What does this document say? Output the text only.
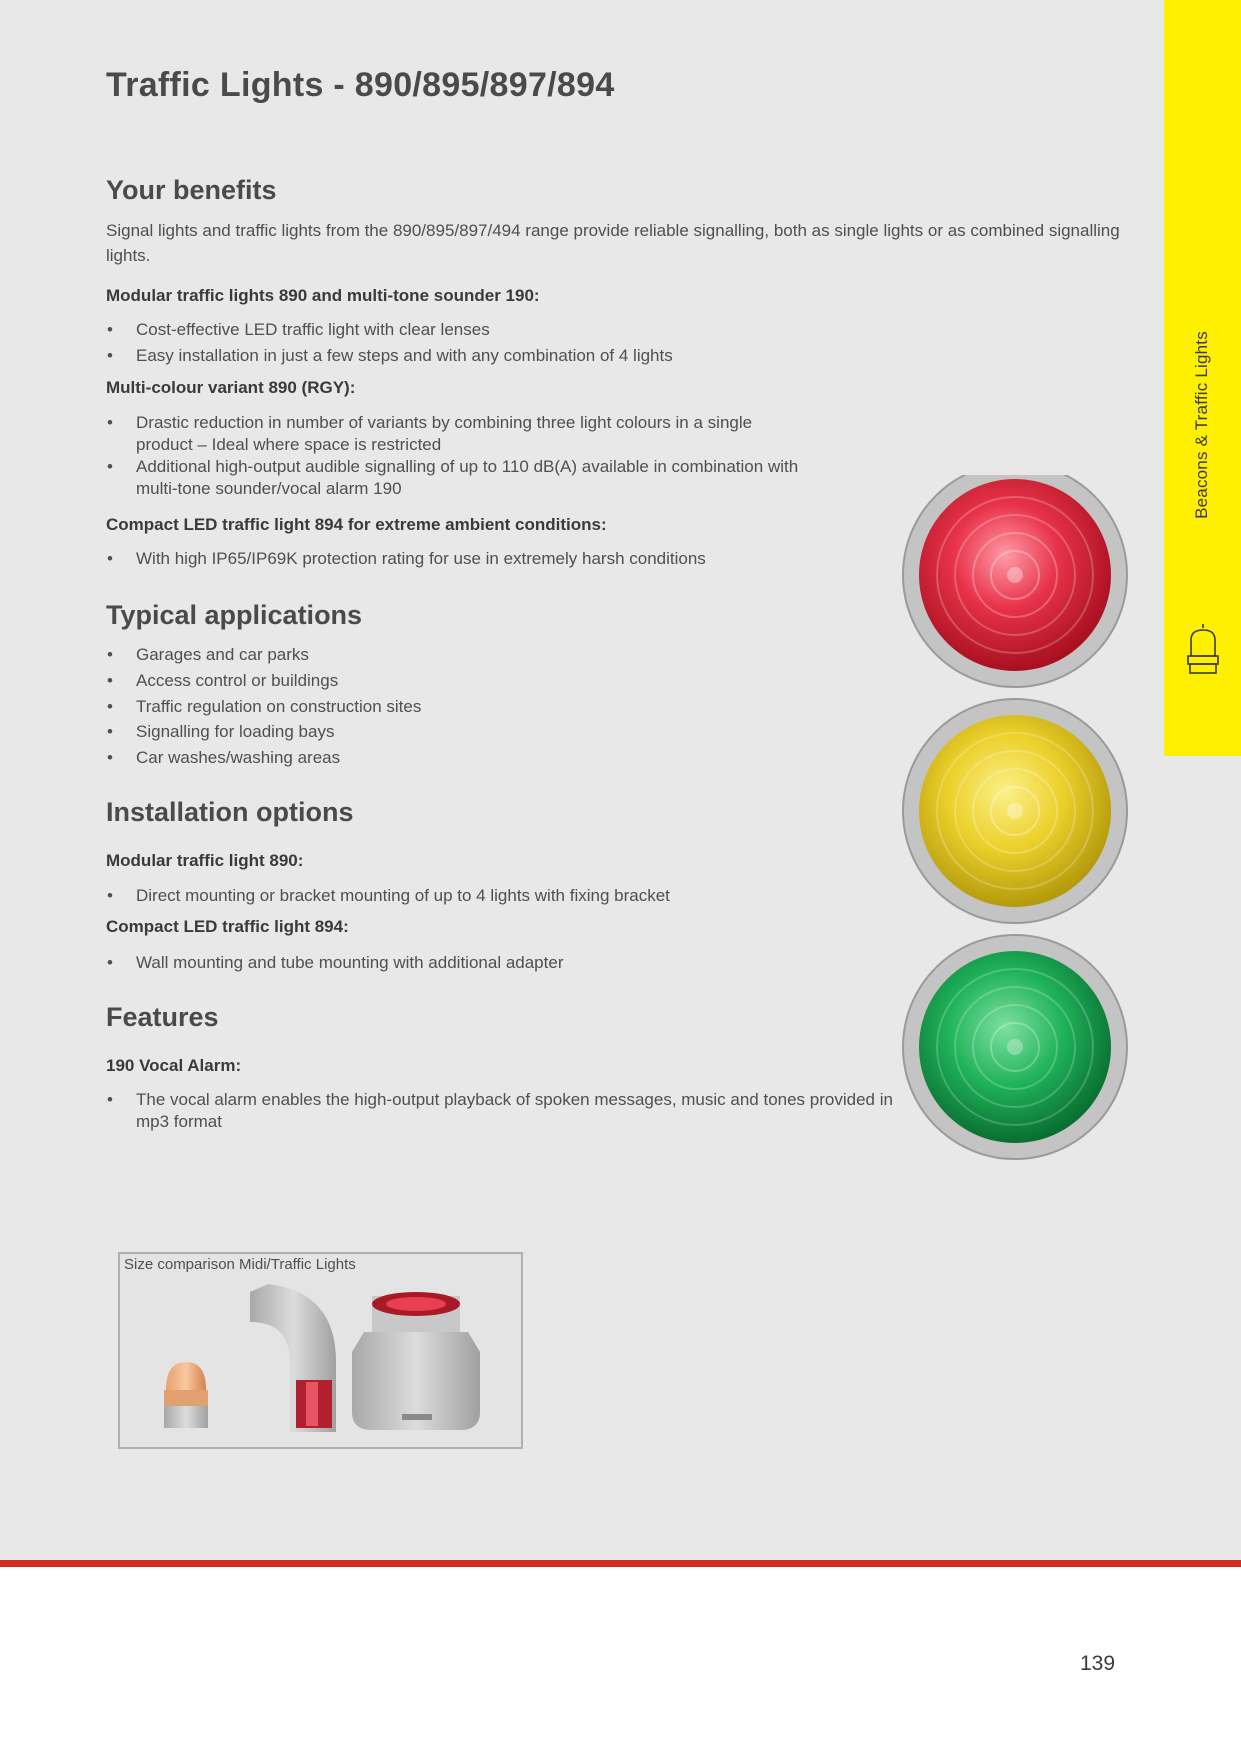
Beacons & Traffic Lights
Traffic Lights - 890/895/897/894
Your benefits

Signal lights and traffic lights from the 890/895/897/494 range provide reliable signalling, both as single lights or as combined signalling lights.

Modular traffic lights 890 and multi-tone sounder 190:
• Cost-effective LED traffic light with clear lenses
• Easy installation in just a few steps and with any combination of 4 lights
Multi-colour variant 890 (RGY):
• Drastic reduction in number of variants by combining three light colours in a single product – Ideal where space is restricted
• Additional high-output audible signalling of up to 110 dB(A) available in combination with multi-tone sounder/vocal alarm 190
Compact LED traffic light 894 for extreme ambient conditions:
• With high IP65/IP69K protection rating for use in extremely harsh conditions
Typical applications
• Garages and car parks
• Access control or buildings
• Traffic regulation on construction sites
• Signalling for loading bays
• Car washes/washing areas
Installation options
Modular traffic light 890:
• Direct mounting or bracket mounting of up to 4 lights with fixing bracket
Compact LED traffic light 894:
• Wall mounting and tube mounting with additional adapter
Features
190 Vocal Alarm:
• The vocal alarm enables the high-output playback of spoken messages, music and tones provided in mp3 format
Size comparison Midi/Traffic Lights
139
